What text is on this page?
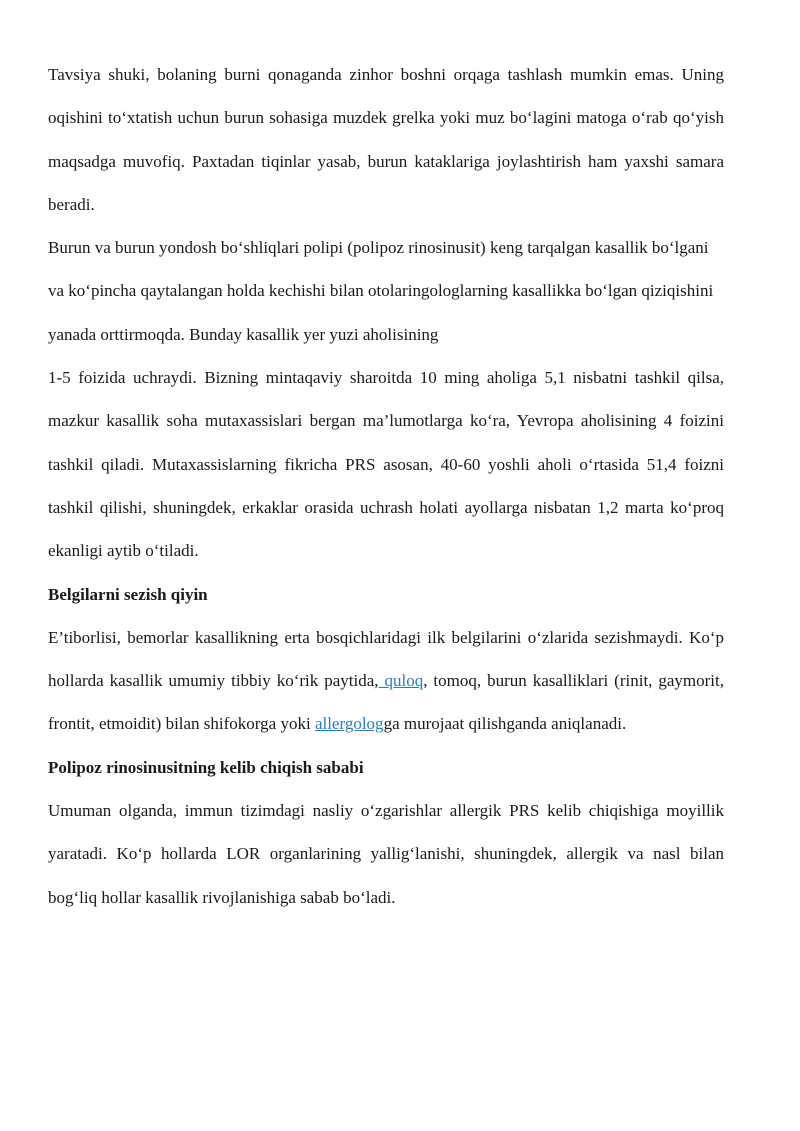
Tavsiya shuki, bolaning burni qonaganda zinhor boshni orqaga tashlash mumkin emas. Uning oqishini to‘xtatish uchun burun sohasiga muzdek grelka yoki muz bo‘lagini matoga o‘rab qo‘yish maqsadga muvofiq. Paxtadan tiqinlar yasab, burun kataklariga joylashtirish ham yaxshi samara beradi.

Burun va burun yondosh bo‘shliqlari polipi (polipoz rinosinusit) keng tarqalgan kasallik bo‘lgani va ko‘pincha qaytalangan holda kechishi bilan otolaringologlarning kasallikka bo‘lgan qiziqishini yanada orttirmoqda. Bunday kasallik yer yuzi aholisining

1-5 foizida uchraydi. Bizning mintaqaviy sharoitda 10 ming aholiga 5,1 nisbatni tashkil qilsa, mazkur kasallik soha mutaxassislari bergan ma’lumotlarga ko‘ra, Yevropa aholisining 4 foizini tashkil qiladi. Mutaxassislarning fikricha PRS asosan, 40-60 yoshli aholi o‘rtasida 51,4 foizni tashkil qilishi, shuningdek, erkaklar orasida uchrash holati ayollarga nisbatan 1,2 marta ko‘proq ekanligi aytib o‘tiladi.

Belgilarni sezish qiyin

E’tiborlisi, bemorlar kasallikning erta bosqichlaridagi ilk belgilarini o‘zlarida sezishmaydi. Ko‘p hollarda kasallik umumiy tibbiy ko‘rik paytida, quloq, tomoq, burun kasalliklari (rinit, gaymorit, frontit, etmoidit) bilan shifokorga yoki allergologga murojaat qilishganda aniqlanadi.

Polipoz rinosinusitning kelib chiqish sababi

Umuman olganda, immun tizimdagi nasliy o‘zgarishlar allergik PRS kelib chiqishiga moyillik yaratadi. Ko‘p hollarda LOR organlarining yallig‘lanishi, shuningdek, allergik va nasl bilan bog‘liq hollar kasallik rivojlanishiga sabab bo‘ladi.
